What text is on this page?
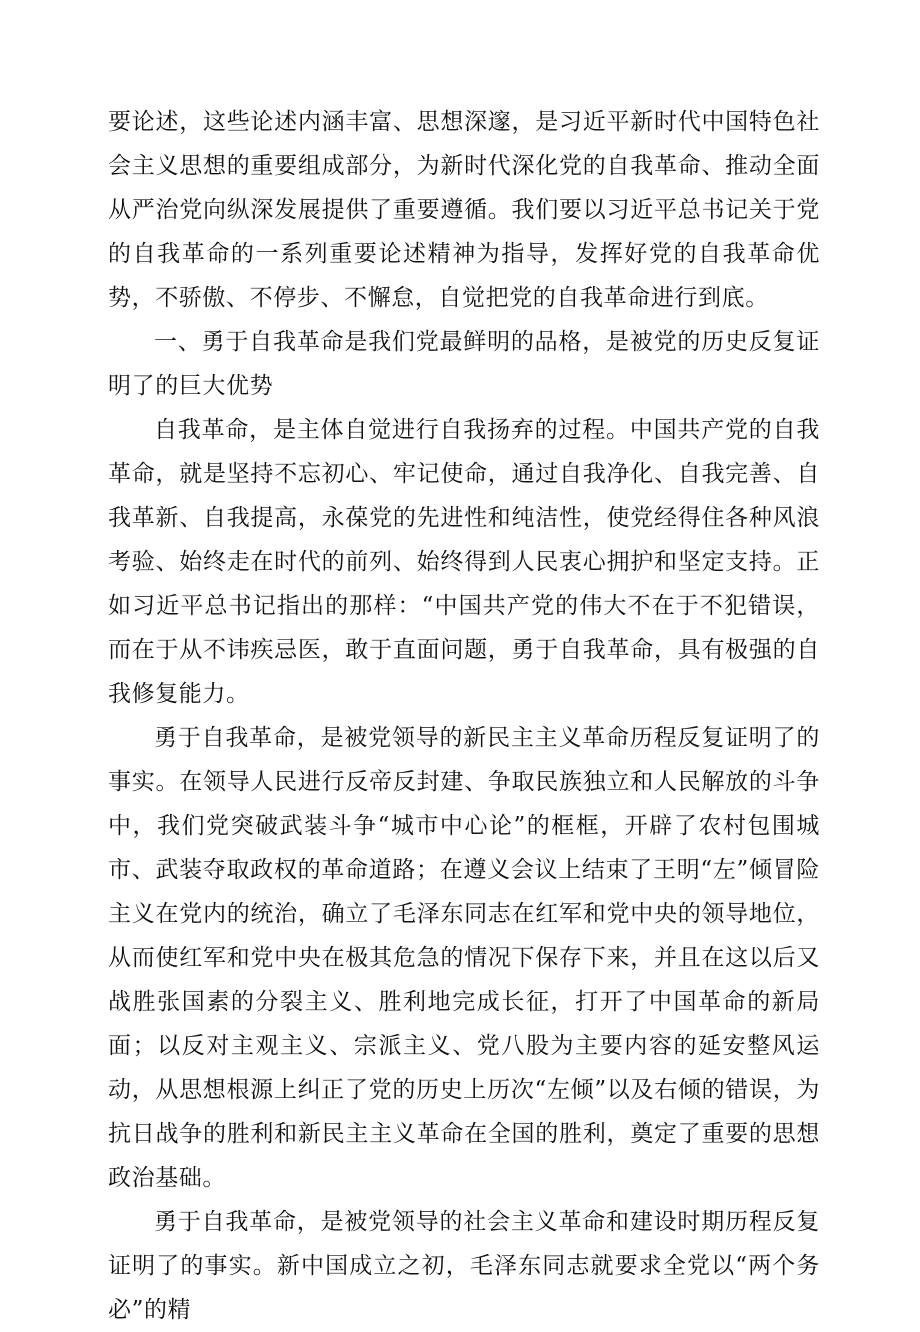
要论述，这些论述内涵丰富、思想深邃，是习近平新时代中国特色社会主义思想的重要组成部分，为新时代深化党的自我革命、推动全面从严治党向纵深发展提供了重要遵循。我们要以习近平总书记关于党的自我革命的一系列重要论述精神为指导，发挥好党的自我革命优势，不骄傲、不停步、不懈怠，自觉把党的自我革命进行到底。

一、勇于自我革命是我们党最鲜明的品格，是被党的历史反复证明了的巨大优势

自我革命，是主体自觉进行自我扬弃的过程。中国共产党的自我革命，就是坚持不忘初心、牢记使命，通过自我净化、自我完善、自我革新、自我提高，永葆党的先进性和纯洁性，使党经得住各种风浪考验、始终走在时代的前列、始终得到人民衷心拥护和坚定支持。正如习近平总书记指出的那样：“中国共产党的伟大不在于不犯错误，而在于从不讳疾忌医，敢于直面问题，勇于自我革命，具有极强的自我修复能力。

勇于自我革命，是被党领导的新民主主义革命历程反复证明了的事实。在领导人民进行反帝反封建、争取民族独立和人民解放的斗争中，我们党突破武装斗争“城市中心论”的框框，开辟了农村包围城市、武装夺取政权的革命道路；在遵义会议上结束了王明“左”倾冒险主义在党内的统治，确立了毛泽东同志在红军和党中央的领导地位，从而使红军和党中央在极其危急的情况下保存下来，并且在这以后又战胜张国素的分裂主义、胜利地完成长征，打开了中国革命的新局面；以反对主观主义、宗派主义、党八股为主要内容的延安整风运动，从思想根源上纠正了党的历史上历次“左倾”以及右倾的错误，为抗日战争的胜利和新民主主义革命在全国的胜利，奠定了重要的思想政治基础。

勇于自我革命，是被党领导的社会主义革命和建设时期历程反复证明了的事实。新中国成立之初，毛泽东同志就要求全党以“两个务必”的精
